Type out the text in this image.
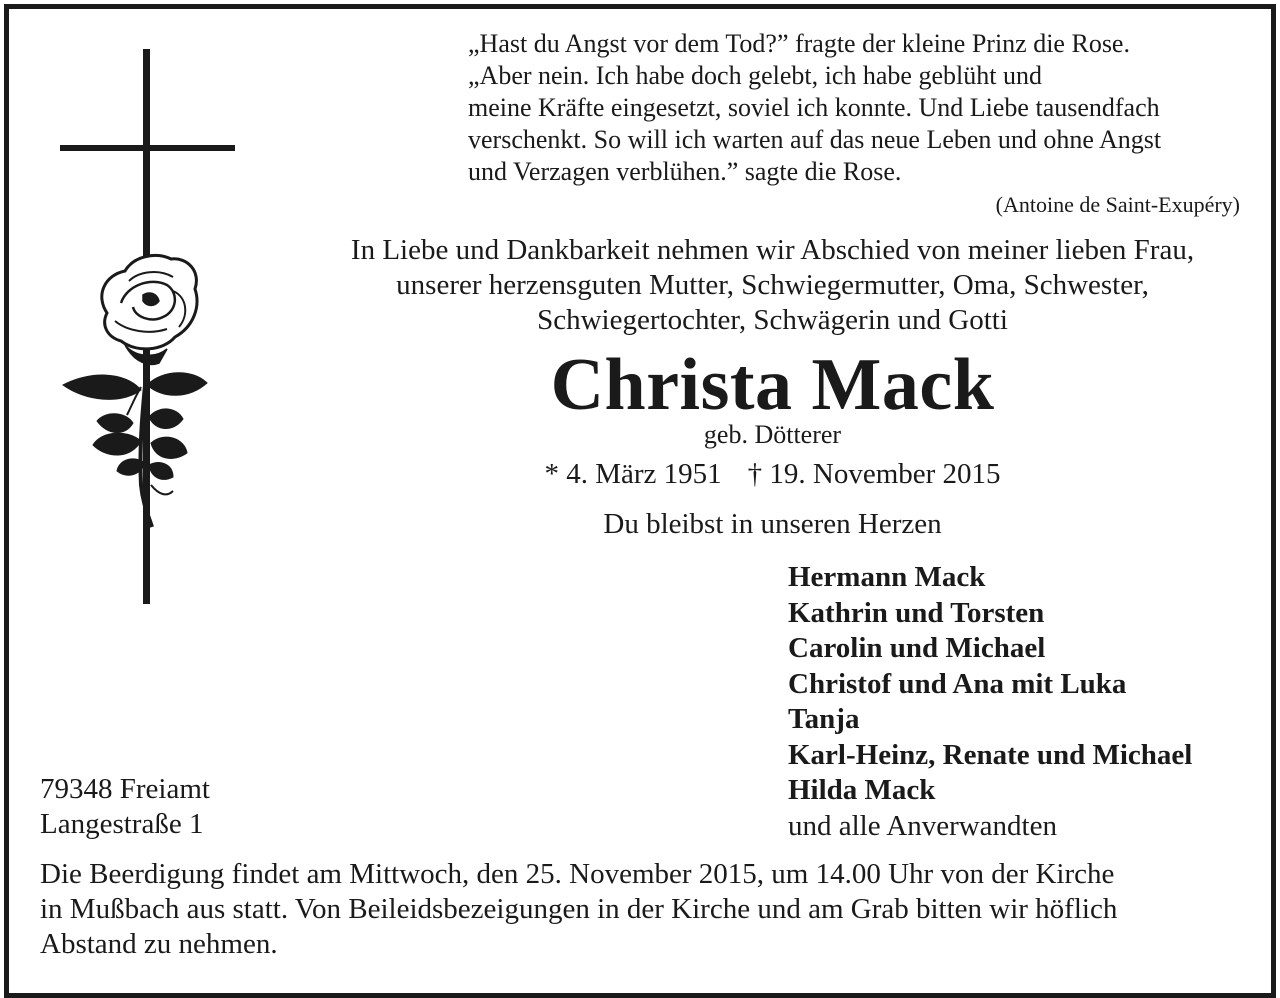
„Hast du Angst vor dem Tod?” fragte der kleine Prinz die Rose.
„Aber nein. Ich habe doch gelebt, ich habe geblüht und
meine Kräfte eingesetzt, soviel ich konnte. Und Liebe tausendfach
verschenkt. So will ich warten auf das neue Leben und ohne Angst
und Verzagen verblühen.” sagte die Rose.
(Antoine de Saint-Exupéry)
In Liebe und Dankbarkeit nehmen wir Abschied von meiner lieben Frau,
unserer herzensguten Mutter, Schwiegermutter, Oma, Schwester,
Schwiegertochter, Schwägerin und Gotti
Christa Mack
geb. Dötterer
* 4. März 1951 † 19. November 2015
Du bleibst in unseren Herzen
Hermann Mack
Kathrin und Torsten
Carolin und Michael
Christof und Ana mit Luka
Tanja
Karl-Heinz, Renate und Michael
Hilda Mack
und alle Anverwandten
79348 Freiamt
Langestraße 1
Die Beerdigung findet am Mittwoch, den 25. November 2015, um 14.00 Uhr von der Kirche
in Mußbach aus statt. Von Beileidsbezeigungen in der Kirche und am Grab bitten wir höflich
Abstand zu nehmen.
